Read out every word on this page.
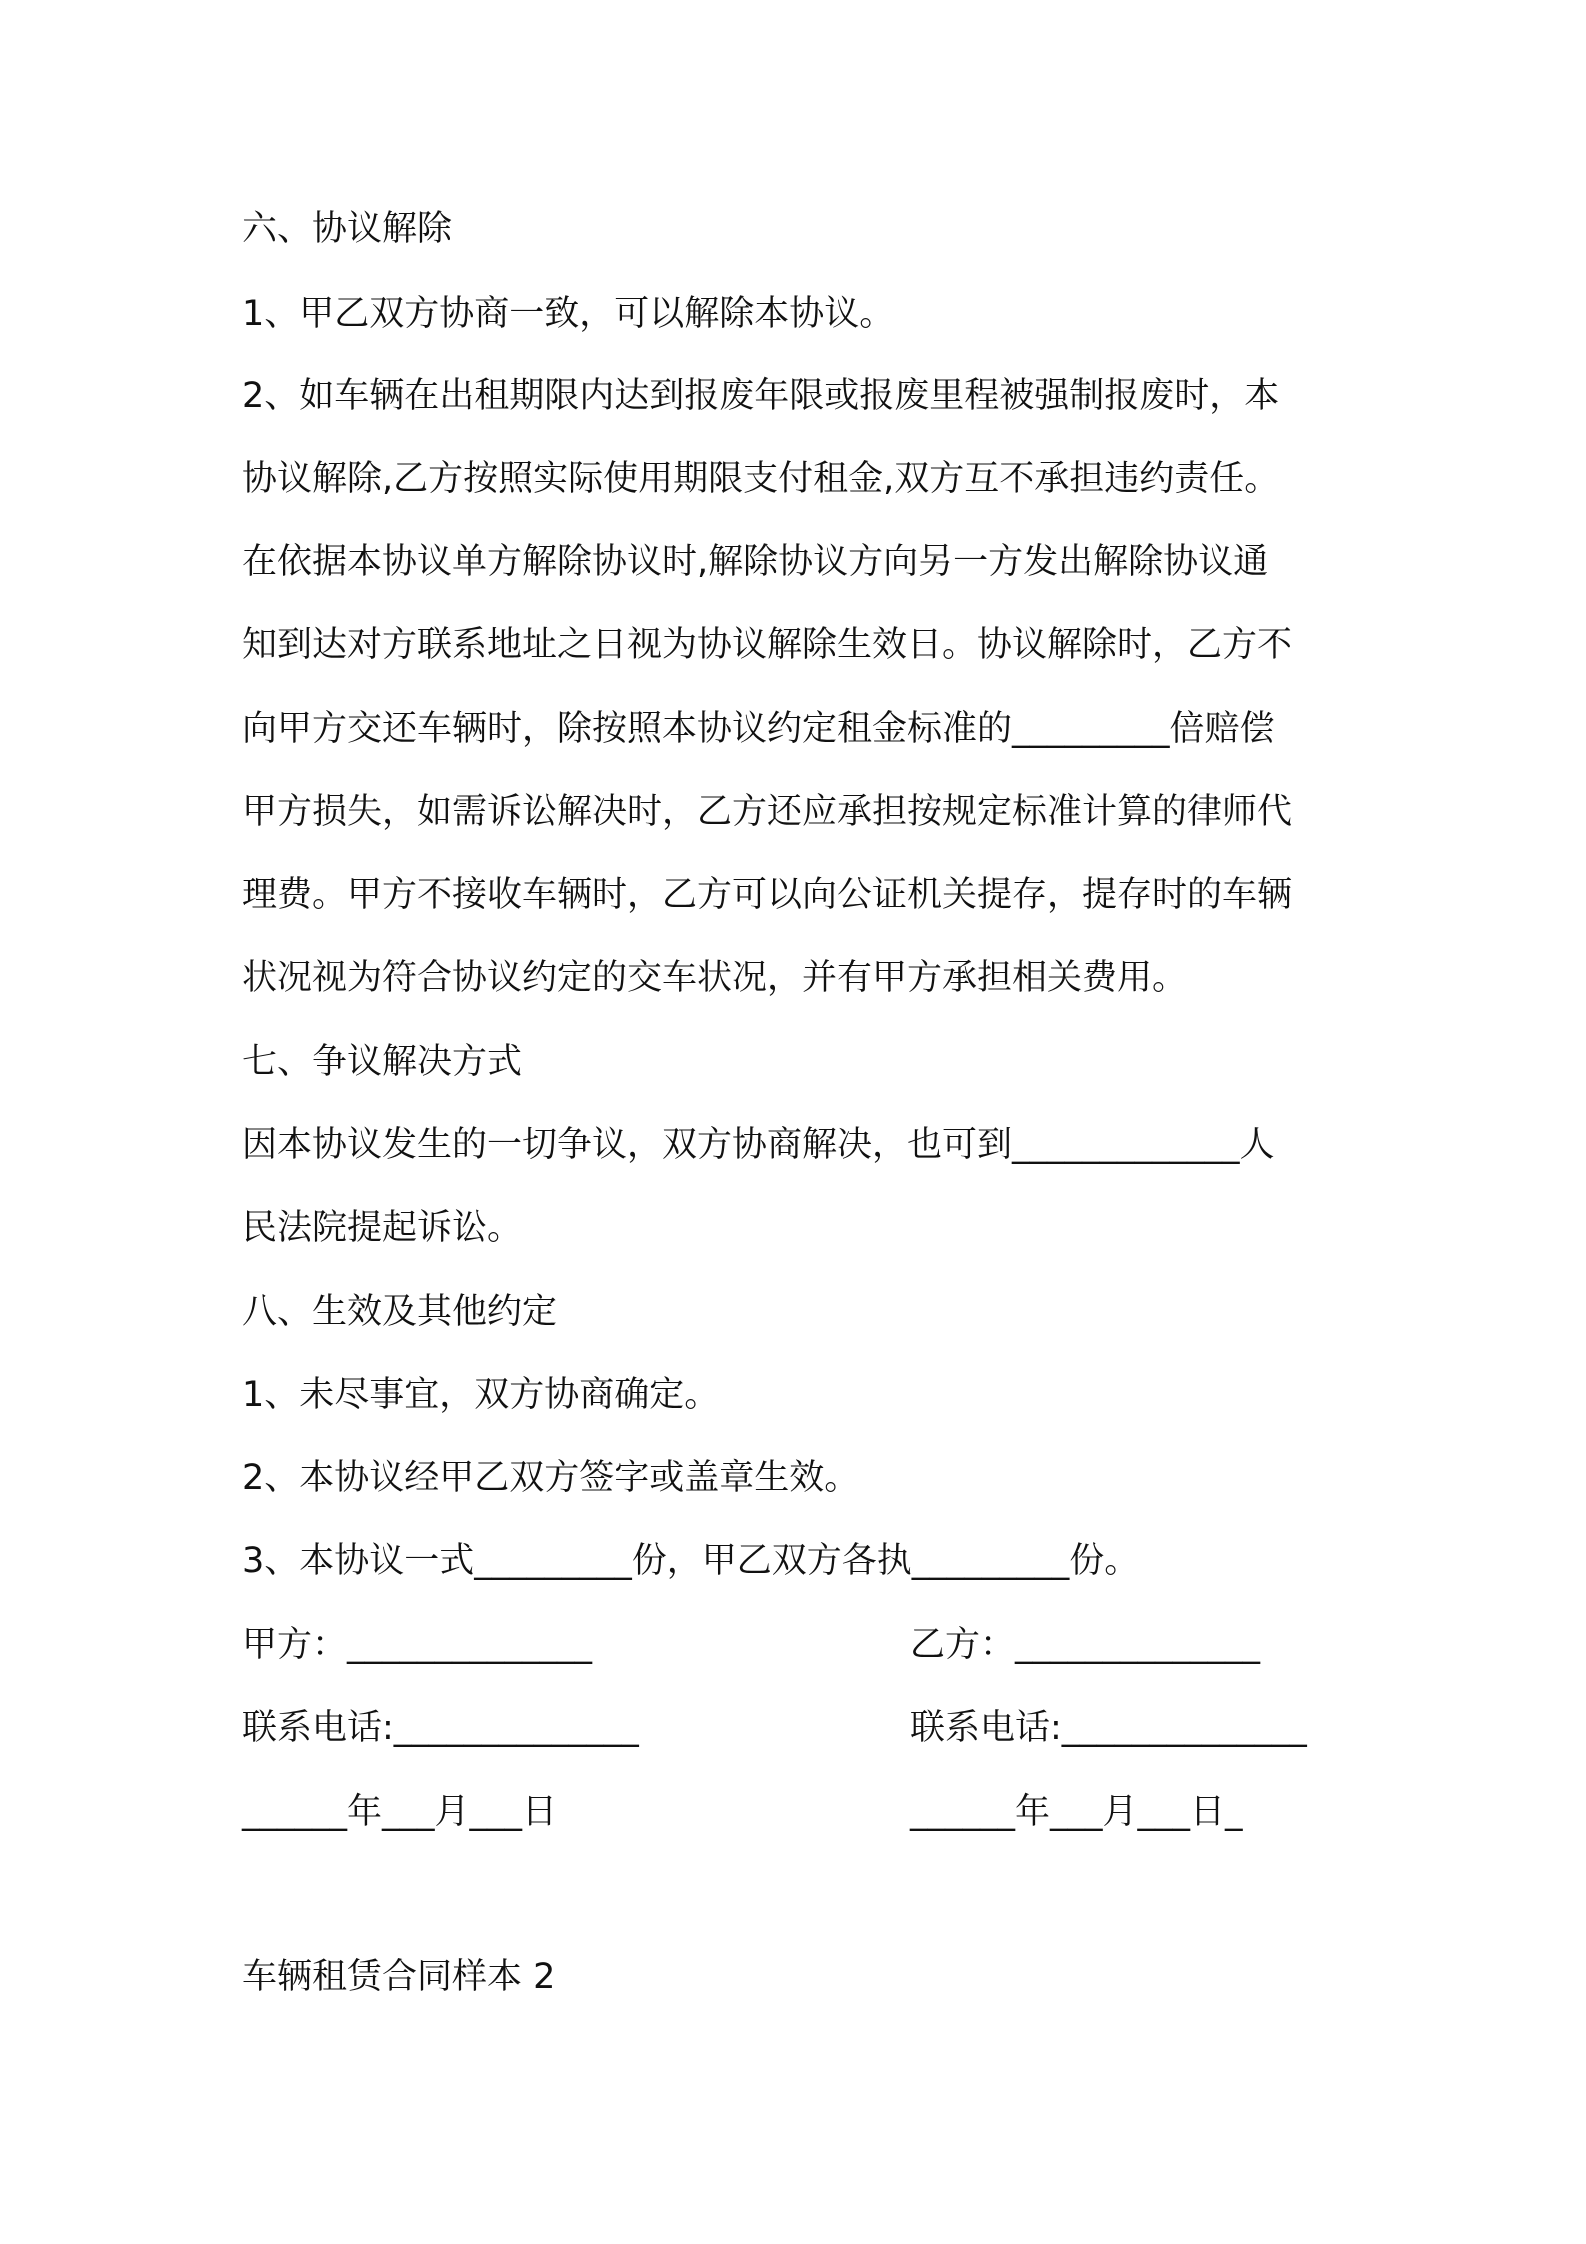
六、协议解除
1、甲乙双方协商一致，可以解除本协议。
2、如车辆在出租期限内达到报废年限或报废里程被强制报废时，本
协议解除,乙方按照实际使用期限支付租金,双方互不承担违约责任。
在依据本协议单方解除协议时,解除协议方向另一方发出解除协议通
知到达对方联系地址之日视为协议解除生效日。协议解除时，乙方不
向甲方交还车辆时，除按照本协议约定租金标准的_________倍赔偿
甲方损失，如需诉讼解决时，乙方还应承担按规定标准计算的律师代
理费。甲方不接收车辆时，乙方可以向公证机关提存，提存时的车辆
状况视为符合协议约定的交车状况，并有甲方承担相关费用。
七、争议解决方式
因本协议发生的一切争议，双方协商解决，也可到_____________人
民法院提起诉讼。
八、生效及其他约定
1、未尽事宜，双方协商确定。
2、本协议经甲乙双方签字或盖章生效。
3、本协议一式_________份，甲乙双方各执_________份。
甲方：______________	乙方：______________
联系电话:______________	联系电话:______________
______年___月___日	______年___月___日_
车辆租赁合同样本 2
